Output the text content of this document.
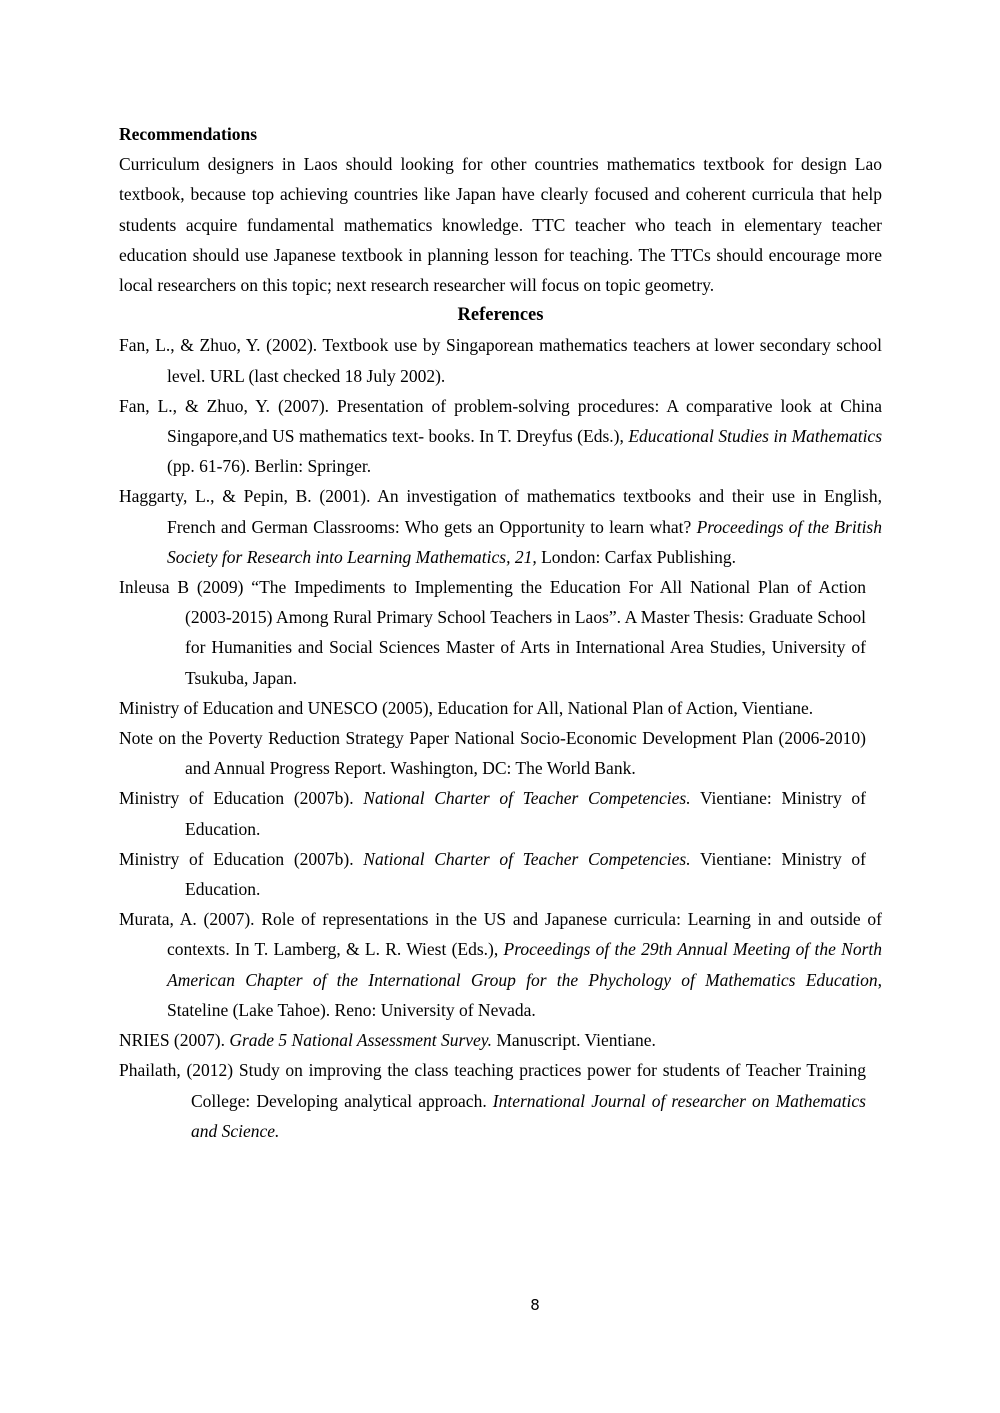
Recommendations

Curriculum designers in Laos should looking for other countries mathematics textbook for design Lao textbook, because top achieving countries like Japan have clearly focused and coherent curricula that help students acquire fundamental mathematics knowledge. TTC teacher who teach in elementary teacher education should use Japanese textbook in planning lesson for teaching. The TTCs should encourage more local researchers on this topic; next research researcher will focus on topic geometry.

References

Fan, L., & Zhuo, Y. (2002). Textbook use by Singaporean mathematics teachers at lower secondary school level. URL (last checked 18 July 2002).

Fan, L., & Zhuo, Y. (2007). Presentation of problem-solving procedures: A comparative look at China Singapore,and US mathematics text- books. In T. Dreyfus (Eds.), Educational Studies in Mathematics (pp. 61-76). Berlin: Springer.

Haggarty, L., & Pepin, B. (2001). An investigation of mathematics textbooks and their use in English, French and German Classrooms: Who gets an Opportunity to learn what? Proceedings of the British Society for Research into Learning Mathematics, 21, London: Carfax Publishing.

Inleusa B (2009) “The Impediments to Implementing the Education For All National Plan of Action (2003-2015) Among Rural Primary School Teachers in Laos”. A Master Thesis: Graduate School for Humanities and Social Sciences Master of Arts in International Area Studies, University of Tsukuba, Japan.

Ministry of Education and UNESCO (2005), Education for All, National Plan of Action, Vientiane.

Note on the Poverty Reduction Strategy Paper National Socio-Economic Development Plan (2006-2010) and Annual Progress Report. Washington, DC: The World Bank.

Ministry of Education (2007b). National Charter of Teacher Competencies. Vientiane: Ministry of Education.

Ministry of Education (2007b). National Charter of Teacher Competencies. Vientiane: Ministry of Education.

Murata, A. (2007). Role of representations in the US and Japanese curricula: Learning in and outside of contexts. In T. Lamberg, & L. R. Wiest (Eds.), Proceedings of the 29th Annual Meeting of the North American Chapter of the International Group for the Phychology of Mathematics Education, Stateline (Lake Tahoe). Reno: University of Nevada.

NRIES (2007). Grade 5 National Assessment Survey. Manuscript. Vientiane.

Phailath, (2012) Study on improving the class teaching practices power for students of Teacher Training College: Developing analytical approach. International Journal of researcher on Mathematics and Science.

8
